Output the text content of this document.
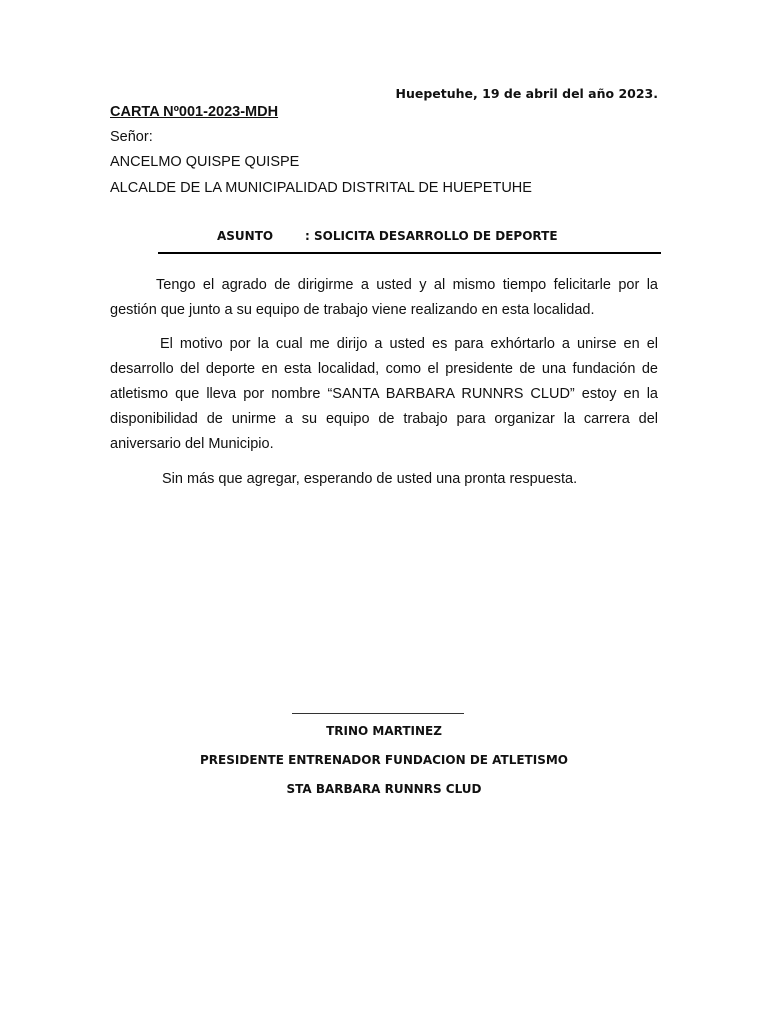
Huepetuhe, 19 de abril del año 2023.
CARTA Nº001-2023-MDH
Señor:
ANCELMO QUISPE QUISPE
ALCALDE DE LA MUNICIPALIDAD DISTRITAL DE HUEPETUHE
ASUNTO	: SOLICITA DESARROLLO DE DEPORTE

Tengo el agrado de dirigirme a usted y al mismo tiempo felicitarle por la gestión que junto a su equipo de trabajo viene realizando en esta localidad.

El motivo por la cual me dirijo a usted es para exhórtarlo a unirse en el desarrollo del deporte en esta localidad, como el presidente de una fundación de atletismo que lleva por nombre “SANTA BARBARA RUNNRS CLUD” estoy en la disponibilidad de unirme a su equipo de trabajo para organizar la carrera del aniversario del Municipio.

Sin más que agregar, esperando de usted una pronta respuesta.

TRINO MARTINEZ
PRESIDENTE ENTRENADOR FUNDACION DE ATLETISMO
STA BARBARA RUNNRS CLUD
